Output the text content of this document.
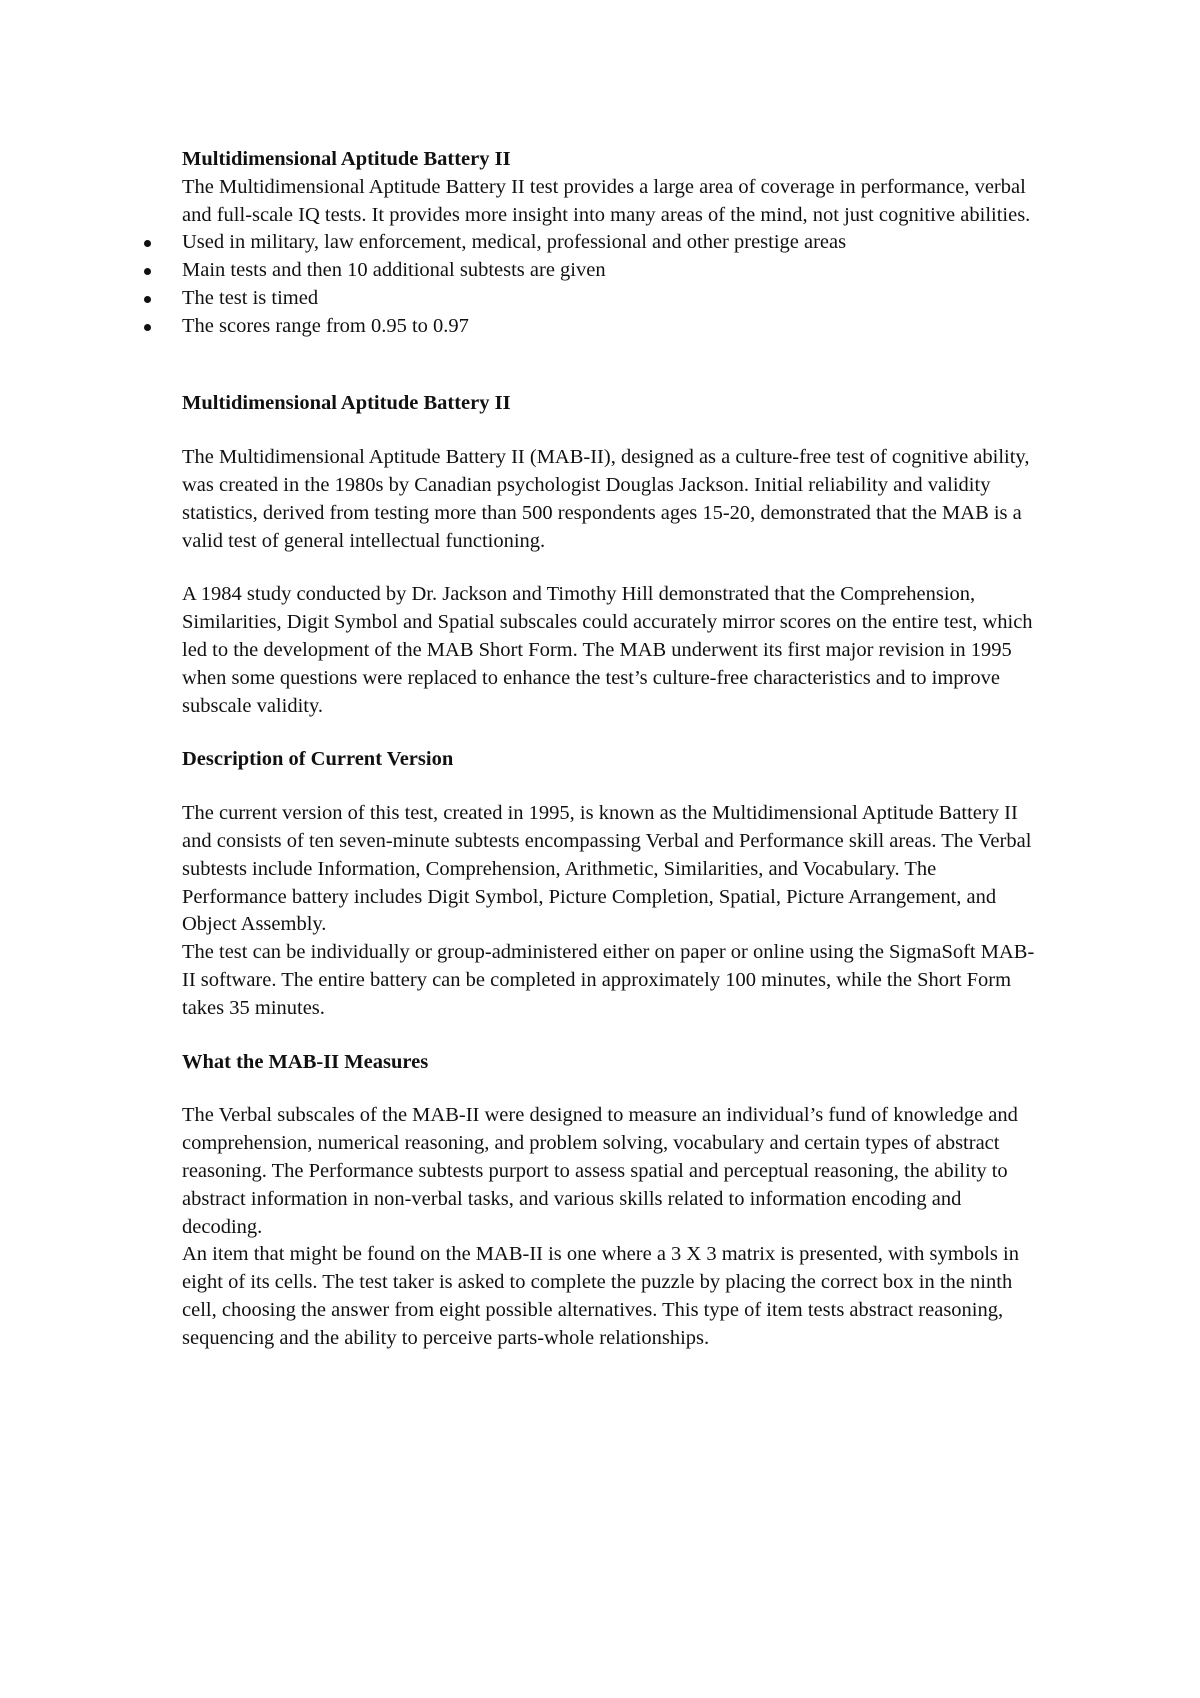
Multidimensional Aptitude Battery II

The Multidimensional Aptitude Battery II test provides a large area of coverage in performance, verbal and full-scale IQ tests. It provides more insight into many areas of the mind, not just cognitive abilities.

Used in military, law enforcement, medical, professional and other prestige areas
Main tests and then 10 additional subtests are given
The test is timed
The scores range from 0.95 to 0.97

Multidimensional Aptitude Battery II

The Multidimensional Aptitude Battery II (MAB-II), designed as a culture-free test of cognitive ability, was created in the 1980s by Canadian psychologist Douglas Jackson. Initial reliability and validity statistics, derived from testing more than 500 respondents ages 15-20, demonstrated that the MAB is a valid test of general intellectual functioning.

A 1984 study conducted by Dr. Jackson and Timothy Hill demonstrated that the Comprehension, Similarities, Digit Symbol and Spatial subscales could accurately mirror scores on the entire test, which led to the development of the MAB Short Form. The MAB underwent its first major revision in 1995 when some questions were replaced to enhance the test’s culture-free characteristics and to improve subscale validity.

Description of Current Version

The current version of this test, created in 1995, is known as the Multidimensional Aptitude Battery II and consists of ten seven-minute subtests encompassing Verbal and Performance skill areas. The Verbal subtests include Information, Comprehension, Arithmetic, Similarities, and Vocabulary. The Performance battery includes Digit Symbol, Picture Completion, Spatial, Picture Arrangement, and Object Assembly.

The test can be individually or group-administered either on paper or online using the SigmaSoft MAB-II software. The entire battery can be completed in approximately 100 minutes, while the Short Form takes 35 minutes.

What the MAB-II Measures

The Verbal subscales of the MAB-II were designed to measure an individual’s fund of knowledge and comprehension, numerical reasoning, and problem solving, vocabulary and certain types of abstract reasoning. The Performance subtests purport to assess spatial and perceptual reasoning, the ability to abstract information in non-verbal tasks, and various skills related to information encoding and decoding.

An item that might be found on the MAB-II is one where a 3 X 3 matrix is presented, with symbols in eight of its cells. The test taker is asked to complete the puzzle by placing the correct box in the ninth cell, choosing the answer from eight possible alternatives. This type of item tests abstract reasoning, sequencing and the ability to perceive parts-whole relationships.
